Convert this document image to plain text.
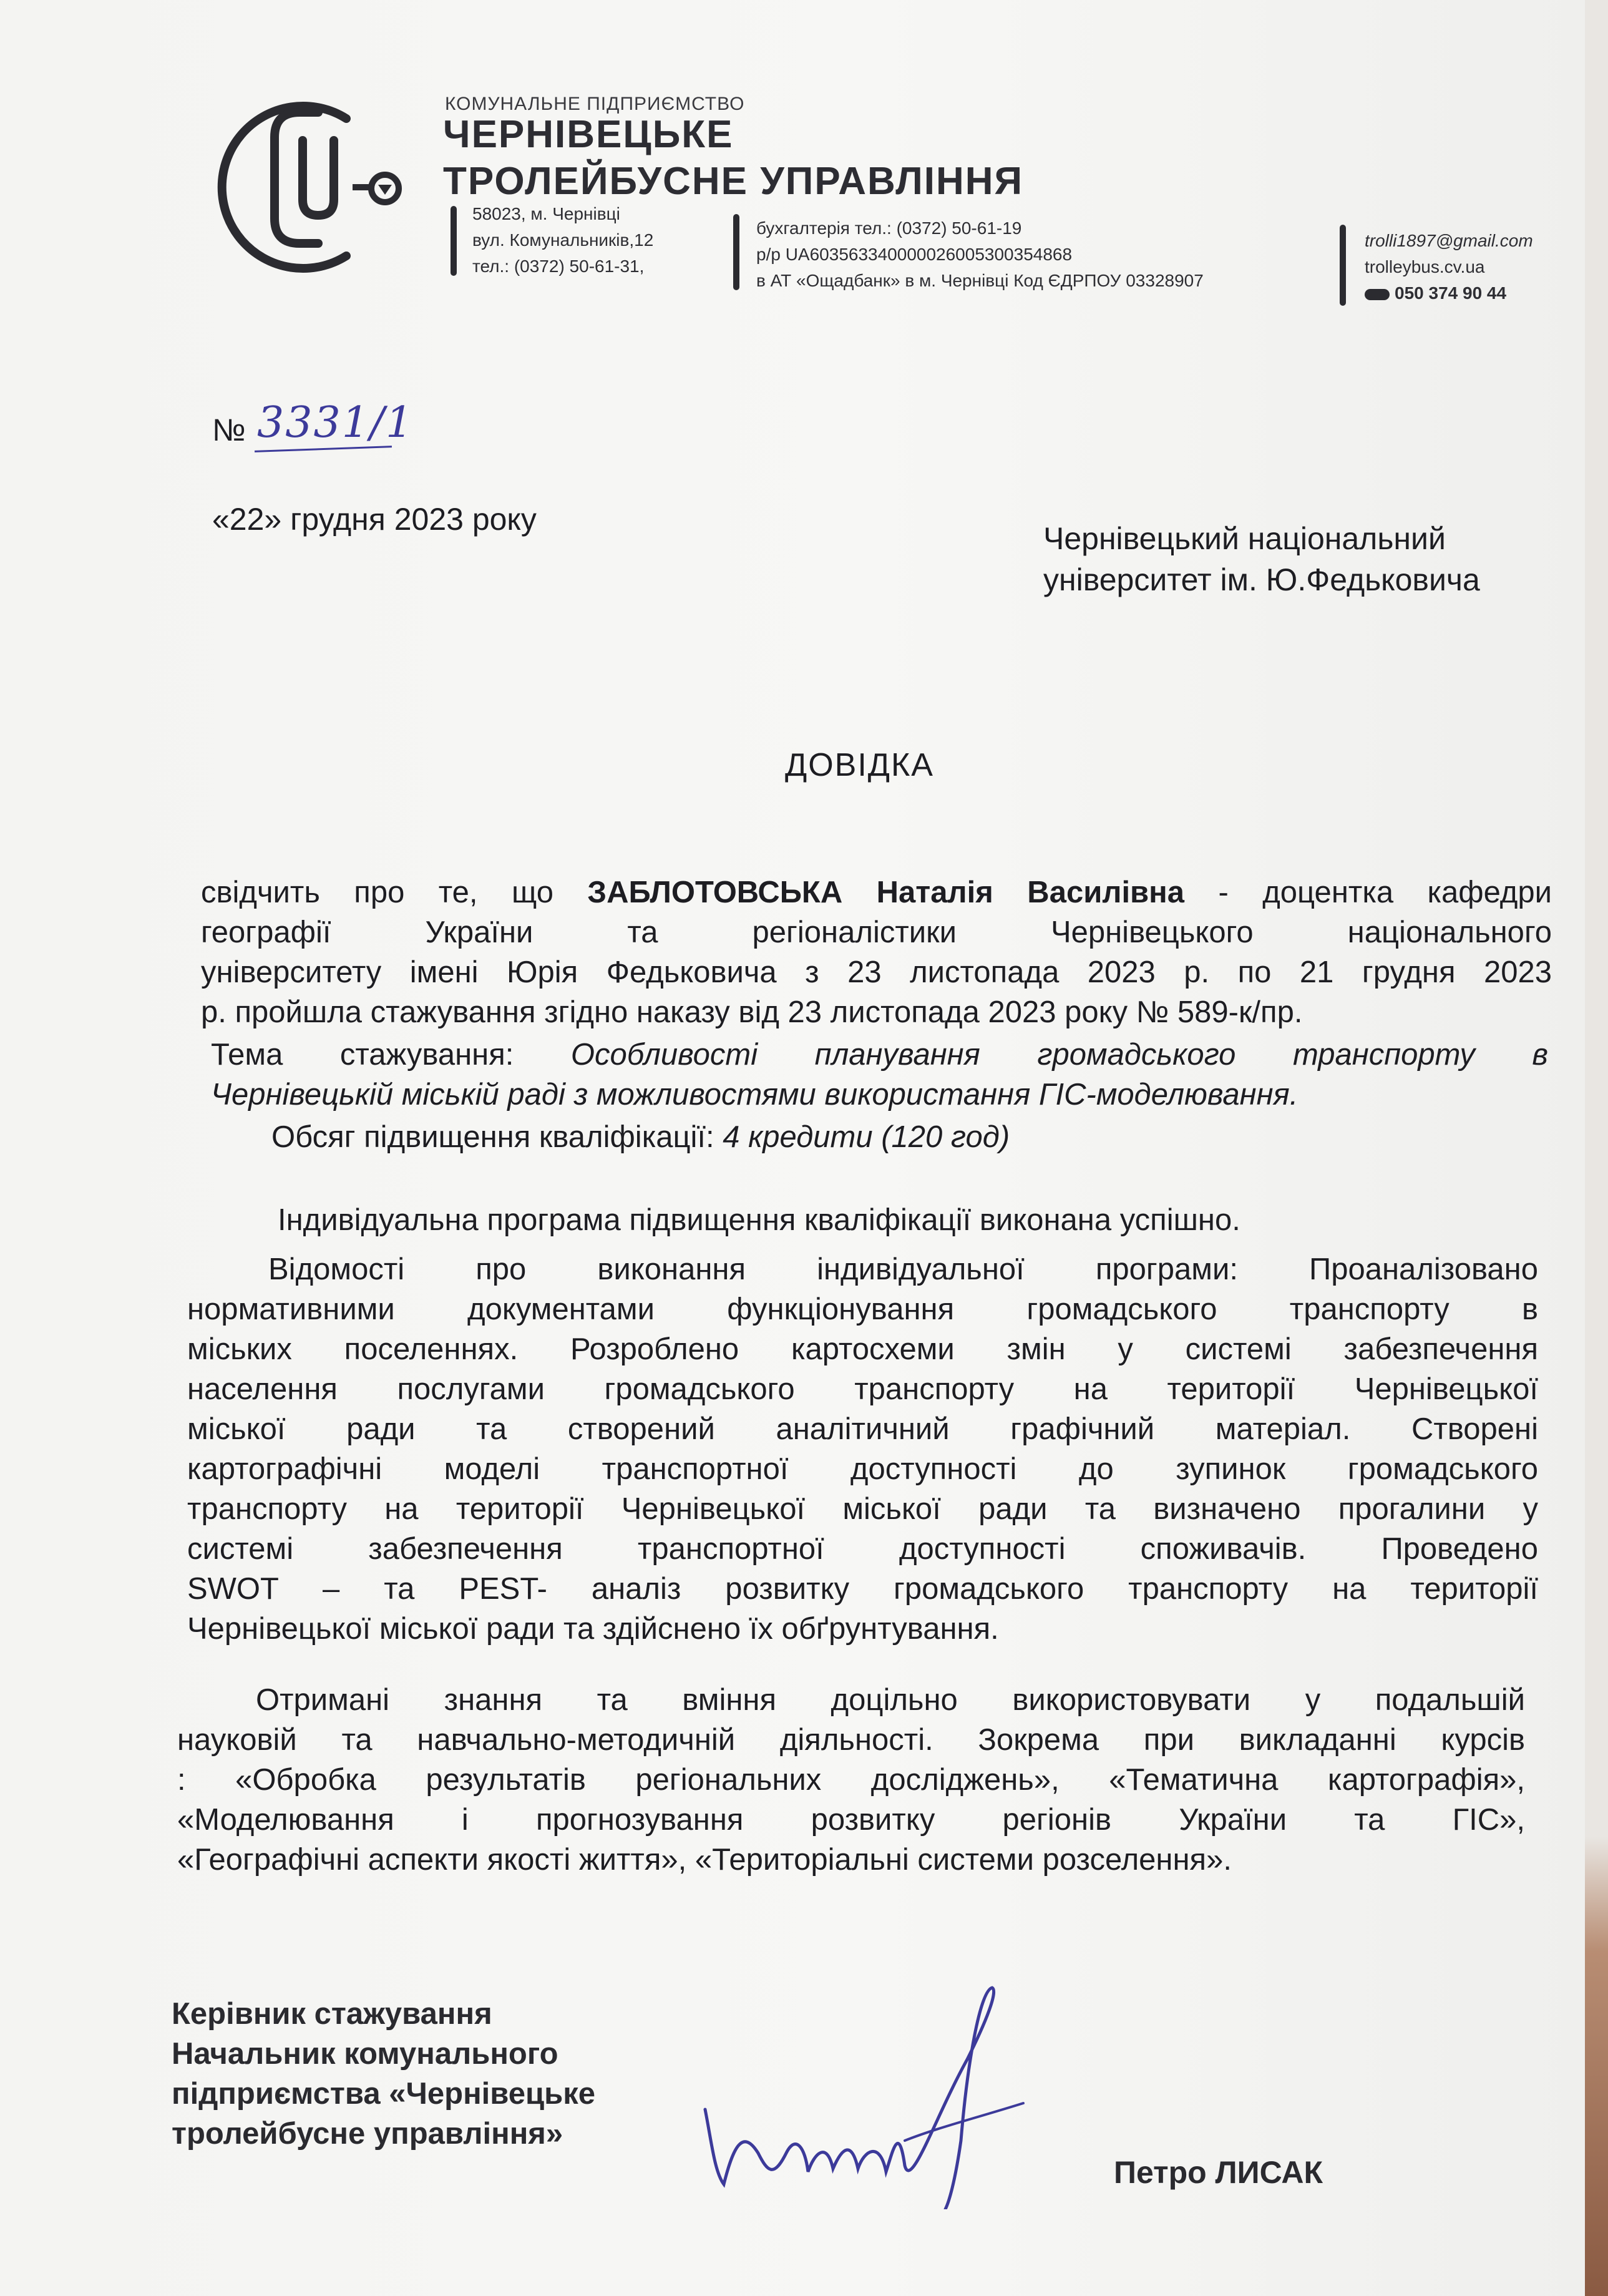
КОМУНАЛЬНЕ ПІДПРИЄМСТВО
ЧЕРНІВЕЦЬКЕ
ТРОЛЕЙБУСНЕ УПРАВЛІННЯ
58023, м. Чернівці
вул. Комунальників,12
тел.: (0372) 50-61-31,
бухгалтерія тел.: (0372) 50-61-19
р/р UA603563340000026005300354868
в АТ «Ощадбанк» в м. Чернівці Код ЄДРПОУ 03328907
trolli1897@gmail.com
trolleybus.cv.ua
050 374 90 44
№ 3331/1
«22» грудня 2023 року
Чернівецький національний
університет ім. Ю.Федьковича
ДОВІДКА
свідчить про те, що ЗАБЛОТОВСЬКА Наталія Василівна - доцентка кафедри
географії України та регіоналістики Чернівецького національного
університету імені Юрія Федьковича з 23 листопада 2023 р. по 21 грудня 2023
р. пройшла стажування згідно наказу від 23 листопада 2023 року № 589-к/пр.
Тема стажування: Особливості планування громадського транспорту в
Чернівецькій міській раді з можливостями використання ГІС-моделювання.
Обсяг підвищення кваліфікації: 4 кредити (120 год)
Індивідуальна програма підвищення кваліфікації виконана успішно.
Відомості про виконання індивідуальної програми: Проаналізовано
нормативними документами функціонування громадського транспорту в
міських поселеннях. Розроблено картосхеми змін у системі забезпечення
населення послугами громадського транспорту на території Чернівецької
міської ради та створений аналітичний графічний матеріал. Створені
картографічні моделі транспортної доступності до зупинок громадського
транспорту на території Чернівецької міської ради та визначено прогалини у
системі забезпечення транспортної доступності споживачів. Проведено
SWOT – та PEST- аналіз розвитку громадського транспорту на території
Чернівецької міської ради та здійснено їх обґрунтування.
Отримані знання та вміння доцільно використовувати у подальшій
науковій та навчально-методичній діяльності. Зокрема при викладанні курсів
: «Обробка результатів регіональних досліджень», «Тематична картографія»,
«Моделювання і прогнозування розвитку регіонів України та ГІС»,
«Географічні аспекти якості життя», «Територіальні системи розселення».
Керівник стажування
Начальник комунального
підприємства «Чернівецьке
тролейбусне управління»
Петро ЛИСАК
